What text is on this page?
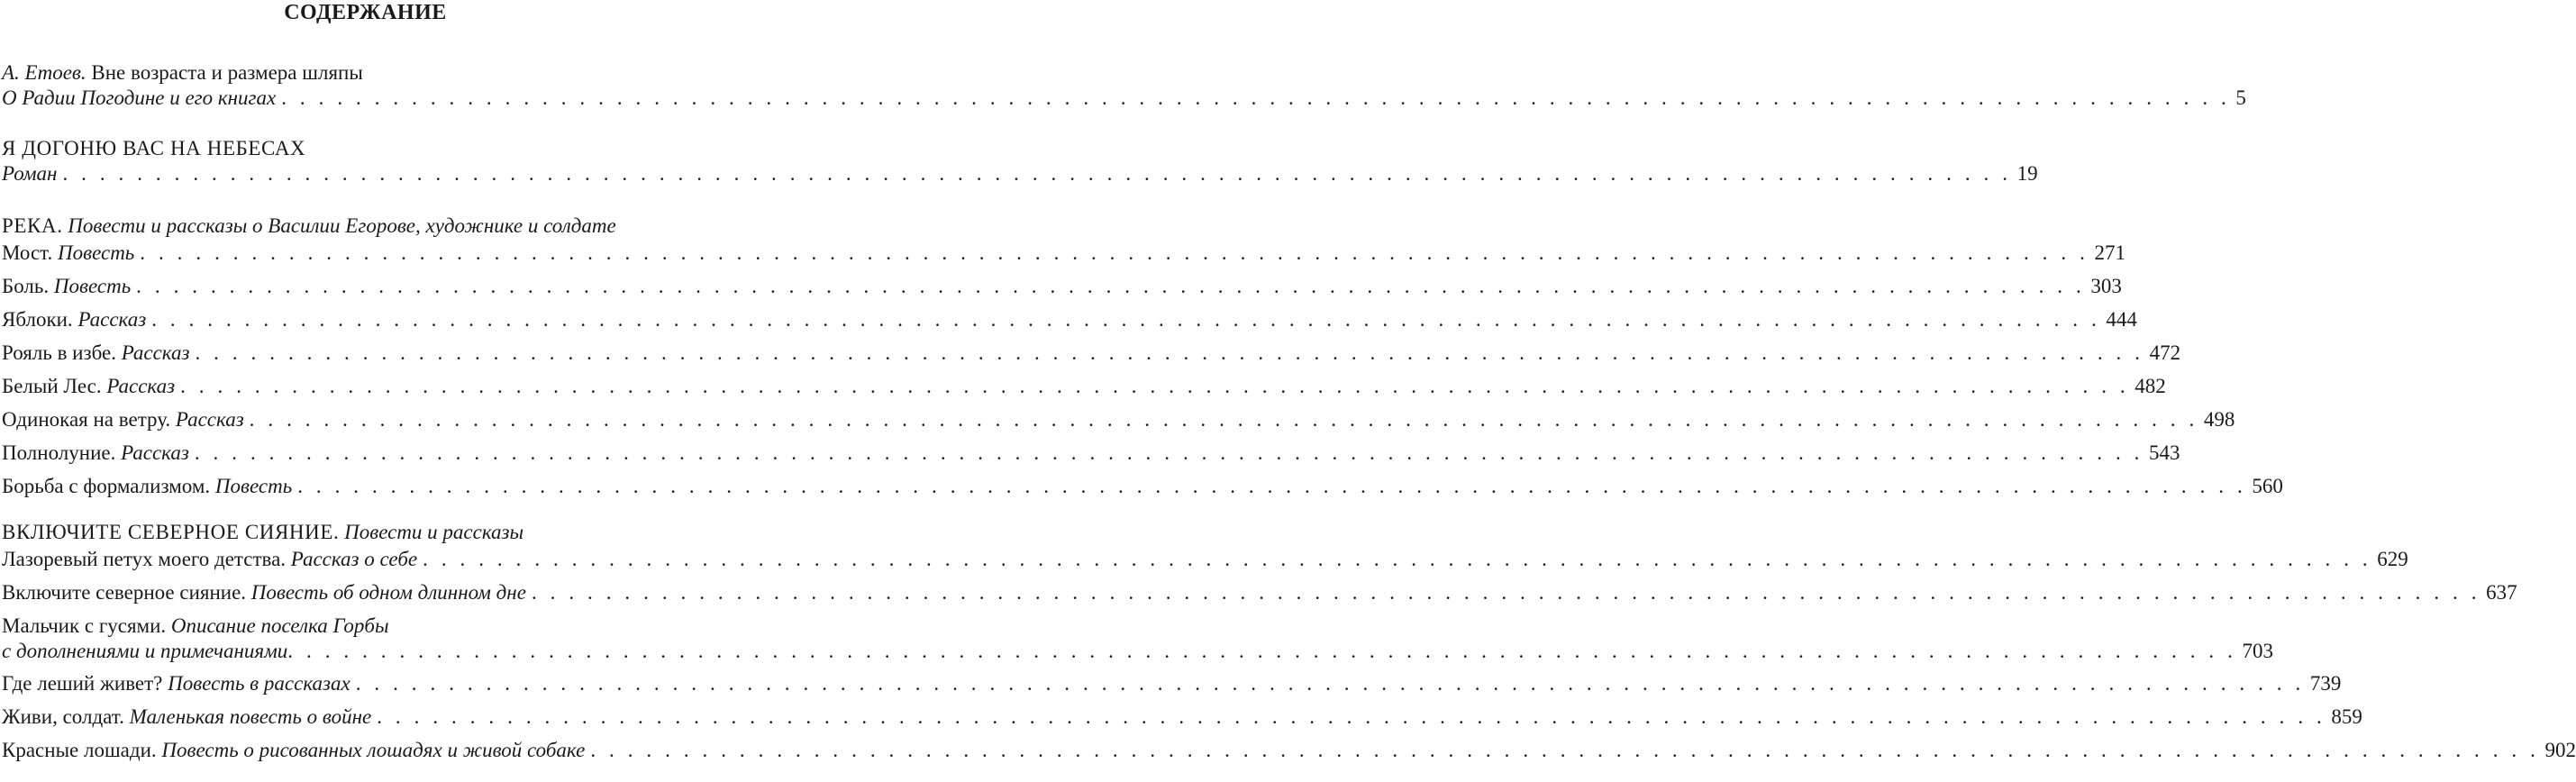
СОДЕРЖАНИЕ
А. Етоев. Вне возраста и размера шляпы
О Радии Погодине и его книгах . . . . . . . . . . . . . . . . . . . . . . . . . . . . . . . . . . . . . . . . . . . . . . . . . . . . . . . . . . . . . . . . . . . . . . . . . . . . . . . . . . . . . . . . . . . . . . . . . . . . . . . . . 5
Я ДОГОНЮ ВАС НА НЕБЕСАХ
Роман . . . . . . . . . . . . . . . . . . . . . . . . . . . . . . . . . . . . . . . . . . . . . . . . . . . . . . . . . . . . . . . . . . . . . . . . . . . . . . . . . . . . . . . . . . . . . . . . . . . . . . . . . 19
РЕКА. Повести и рассказы о Василии Егорове, художнике и солдате
Мост. Повесть . . . . . . . . . . . . . . . . . . . . . . . . . . . . . . . . . . . . . . . . . . . . . . . . . . . . . . . . . . . . . . . . . . . . . . . . . . . . . . . . . . . . . . . . . . . . . . . . . . . . . . . . . 271
Боль. Повесть . . . . . . . . . . . . . . . . . . . . . . . . . . . . . . . . . . . . . . . . . . . . . . . . . . . . . . . . . . . . . . . . . . . . . . . . . . . . . . . . . . . . . . . . . . . . . . . . . . . . . . . . . 303
Яблоки. Рассказ . . . . . . . . . . . . . . . . . . . . . . . . . . . . . . . . . . . . . . . . . . . . . . . . . . . . . . . . . . . . . . . . . . . . . . . . . . . . . . . . . . . . . . . . . . . . . . . . . . . . . . . . . 444
Рояль в избе. Рассказ . . . . . . . . . . . . . . . . . . . . . . . . . . . . . . . . . . . . . . . . . . . . . . . . . . . . . . . . . . . . . . . . . . . . . . . . . . . . . . . . . . . . . . . . . . . . . . . . . . . . . . . . . 472
Белый Лес. Рассказ . . . . . . . . . . . . . . . . . . . . . . . . . . . . . . . . . . . . . . . . . . . . . . . . . . . . . . . . . . . . . . . . . . . . . . . . . . . . . . . . . . . . . . . . . . . . . . . . . . . . . . . . . 482
Одинокая на ветру. Рассказ . . . . . . . . . . . . . . . . . . . . . . . . . . . . . . . . . . . . . . . . . . . . . . . . . . . . . . . . . . . . . . . . . . . . . . . . . . . . . . . . . . . . . . . . . . . . . . . . . . . . . . . . . 498
Полнолуние. Рассказ . . . . . . . . . . . . . . . . . . . . . . . . . . . . . . . . . . . . . . . . . . . . . . . . . . . . . . . . . . . . . . . . . . . . . . . . . . . . . . . . . . . . . . . . . . . . . . . . . . . . . . . . . 543
Борьба с формализмом. Повесть . . . . . . . . . . . . . . . . . . . . . . . . . . . . . . . . . . . . . . . . . . . . . . . . . . . . . . . . . . . . . . . . . . . . . . . . . . . . . . . . . . . . . . . . . . . . . . . . . . . . . . . . . 560
ВКЛЮЧИТЕ СЕВЕРНОЕ СИЯНИЕ. Повести и рассказы
Лазоревый петух моего детства. Рассказ о себе . . . . . . . . . . . . . . . . . . . . . . . . . . . . . . . . . . . . . . . . . . . . . . . . . . . . . . . . . . . . . . . . . . . . . . . . . . . . . . . . . . . . . . . . . . . . . . . . . . . . . . . . . 629
Включите северное сияние. Повесть об одном длинном дне . . . . . . . . . . . . . . . . . . . . . . . . . . . . . . . . . . . . . . . . . . . . . . . . . . . . . . . . . . . . . . . . . . . . . . . . . . . . . . . . . . . . . . . . . . . . . . . . . . . . . . . . . 637
Мальчик с гусями. Описание поселка Горбы
с дополнениями и примечаниями . . . . . . . . . . . . . . . . . . . . . . . . . . . . . . . . . . . . . . . . . . . . . . . . . . . . . . . . . . . . . . . . . . . . . . . . . . . . . . . . . . . . . . . . . . . . . . . . . . . . . . . . . 703
Где леший живет? Повесть в рассказах . . . . . . . . . . . . . . . . . . . . . . . . . . . . . . . . . . . . . . . . . . . . . . . . . . . . . . . . . . . . . . . . . . . . . . . . . . . . . . . . . . . . . . . . . . . . . . . . . . . . . . . . . 739
Живи, солдат. Маленькая повесть о войне . . . . . . . . . . . . . . . . . . . . . . . . . . . . . . . . . . . . . . . . . . . . . . . . . . . . . . . . . . . . . . . . . . . . . . . . . . . . . . . . . . . . . . . . . . . . . . . . . . . . . . . . . 859
Красные лошади. Повесть о рисованных лошадях и живой собаке . . . . . . . . . . . . . . . . . . . . . . . . . . . . . . . . . . . . . . . . . . . . . . . . . . . . . . . . . . . . . . . . . . . . . . . . . . . . . . . . . . . . . . . . . . . . . . . . . . . . . . . . . 902
